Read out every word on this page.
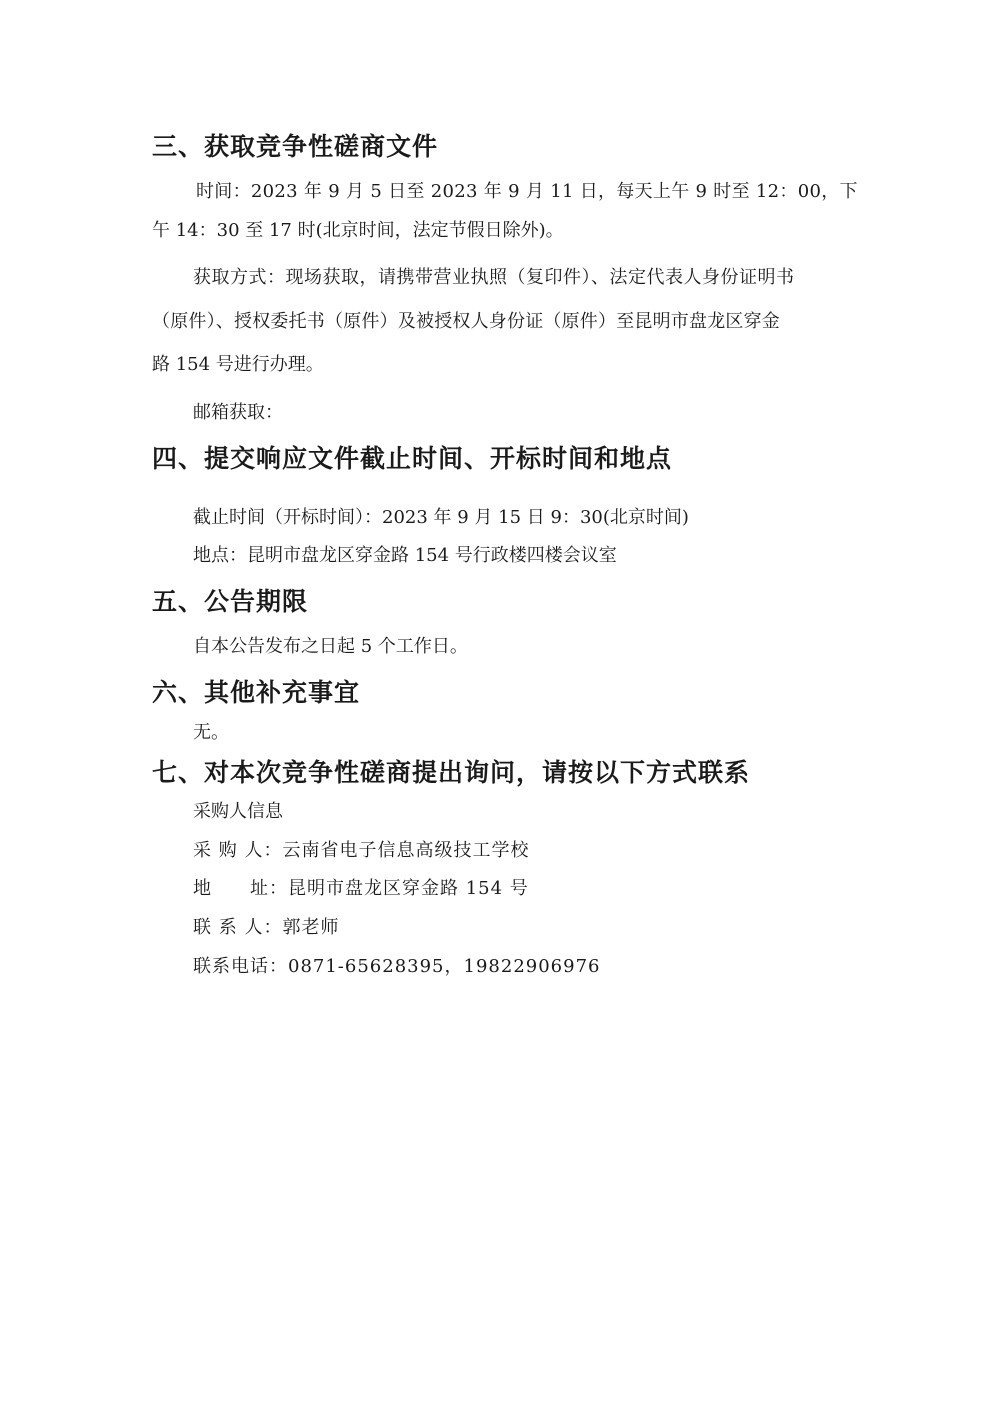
三、获取竞争性磋商文件
时间：2023 年 9 月 5 日至 2023 年 9 月 11 日，每天上午 9 时至 12：00，下
午 14：30 至 17 时(北京时间，法定节假日除外)。
获取方式：现场获取，请携带营业执照（复印件）、法定代表人身份证明书
（原件）、授权委托书（原件）及被授权人身份证（原件）至昆明市盘龙区穿金
路 154 号进行办理。
邮箱获取：
四、提交响应文件截止时间、开标时间和地点
截止时间（开标时间）：2023 年 9 月 15 日 9：30(北京时间)
地点：昆明市盘龙区穿金路 154 号行政楼四楼会议室
五、公告期限
自本公告发布之日起 5 个工作日。
六、其他补充事宜
无。
七、对本次竞争性磋商提出询问，请按以下方式联系
采购人信息
采 购 人：云南省电子信息高级技工学校
地　　址：昆明市盘龙区穿金路 154 号
联 系 人：郭老师
联系电话：0871-65628395，19822906976
